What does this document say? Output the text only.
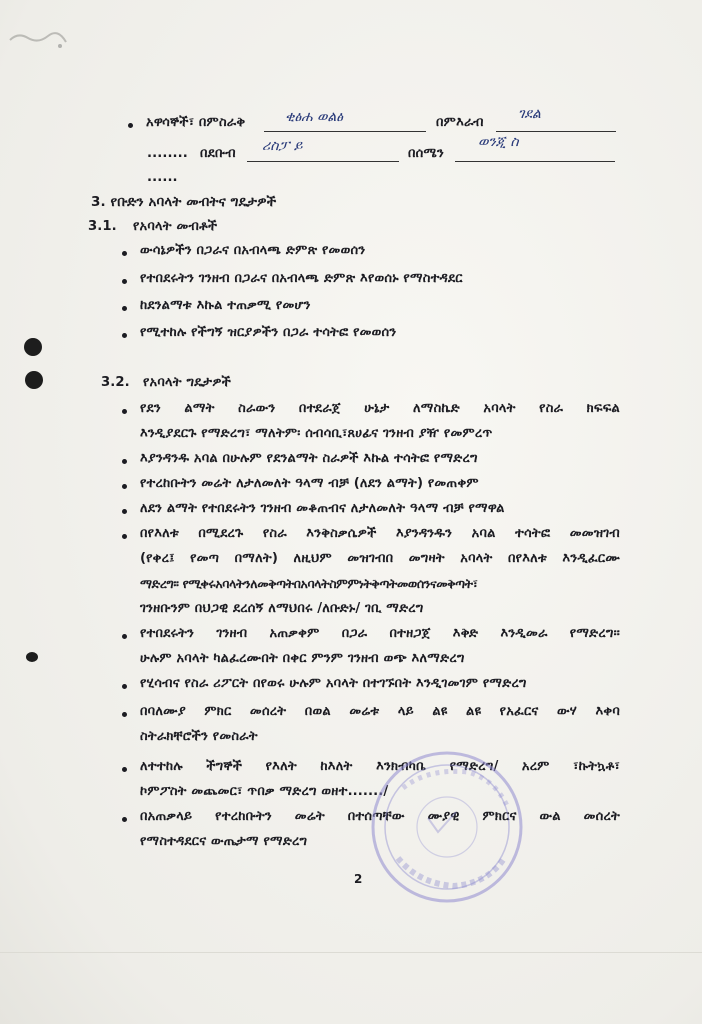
አዋሳኞች፣ በምስራቅ	ቂፅሐ ወልፅ	በምእራብ
ገደል
........ በደቡብ ሪስፓ ይ	በሰሜን
ወንጂ ስ
......
3. የቡድን አባላት መብትና ግዴታዎች
3.1. የአባላት መብቶች
ውሳኔዎችን በጋራና በአብላጫ ድምጽ የመወሰን
የተበደሩትን ገንዘብ በጋራና በአብላጫ ድምጽ እየወሰኑ የማስተዳደር
ከደንልማቱ እኩል ተጠቃሚ የመሆን
የሚተከሉ የችግኝ ዝርያዎችን በጋራ ተሳትፎ የመወሰን
3.2. የአባላት ግዴታዎች
የደን ልማት ስራውን በተደራጀ ሁኔታ ለማስኬድ አባላት የስራ ክፍፍል
እንዲያደርጉ የማድረግ፣ ማለትም፡ ሰብሳቢ፣ጸሀፊና ገንዘብ ያዥ የመምረጥ
እያንዳንዱ አባል በሁሉም የደንልማት ስራዎች እኩል ተሳትፎ የማድረግ
የተረከቡትን መሬት ለታለመለት ዓላማ ብቻ (ለደን ልማት) የመጠቀም
ለደን ልማት የተበደሩትን ገንዘብ መቆጠብና ለታለመለት ዓላማ ብቻ የማዋል
በየእለቱ በሚደረጉ የስራ እንቅስቃሴዎች እያንዳንዱን አባል ተሳትፎ መመዝገብ
(የቀረ፤ የመጣ በማለት) ለዚህም መዝገብበ መግዛት አባላት በየእለቱ እንዲፈርሙ
ማድረግ፡፡ የሚቀሩአባላትንለመቅጣትበአባላትስምምነትቅጣትመወሰንናመቅጣት፣
ገንዘቡንም በህጋዊ ደረሰኝ ለማህበሩ /ለቡድኑ/ ገቢ ማድረግ
የተበደሩትን ገንዘብ አጠቃቀም በጋራ በተዘጋጀ እቅድ እንዲመራ የማድረግ፡፡
ሁሉም አባላት ካልፈረሙበት በቀር ምንም ገንዘብ ወጭ እለማድረግ
የሂሳብና የስራ ሪፖርት በየወሩ ሁሉም አባላት በተገኙበት እንዲገመገም የማድረግ
በባለሙያ ምክር መሰረት በወል መሬቱ ላይ ልዩ ልዩ የአፈርና ውሃ እቀባ
ስትራክቸሮችን የመስራት
ለተተከሉ ችግኞች የእለት ከእለት እንክብካቤ የማድረግ/ አረም ፣ኩትኳቶ፣
ኮምፖስት መጨመር፣ ጥበቃ ማድረግ ወዘተ......./
በአጠቃላይ የተረከቡትን መሬት በተሰጣቸው ሙያዊ ምክርና ውል መሰረት
የማስተዳደርና ውጤታማ የማድረግ
2
